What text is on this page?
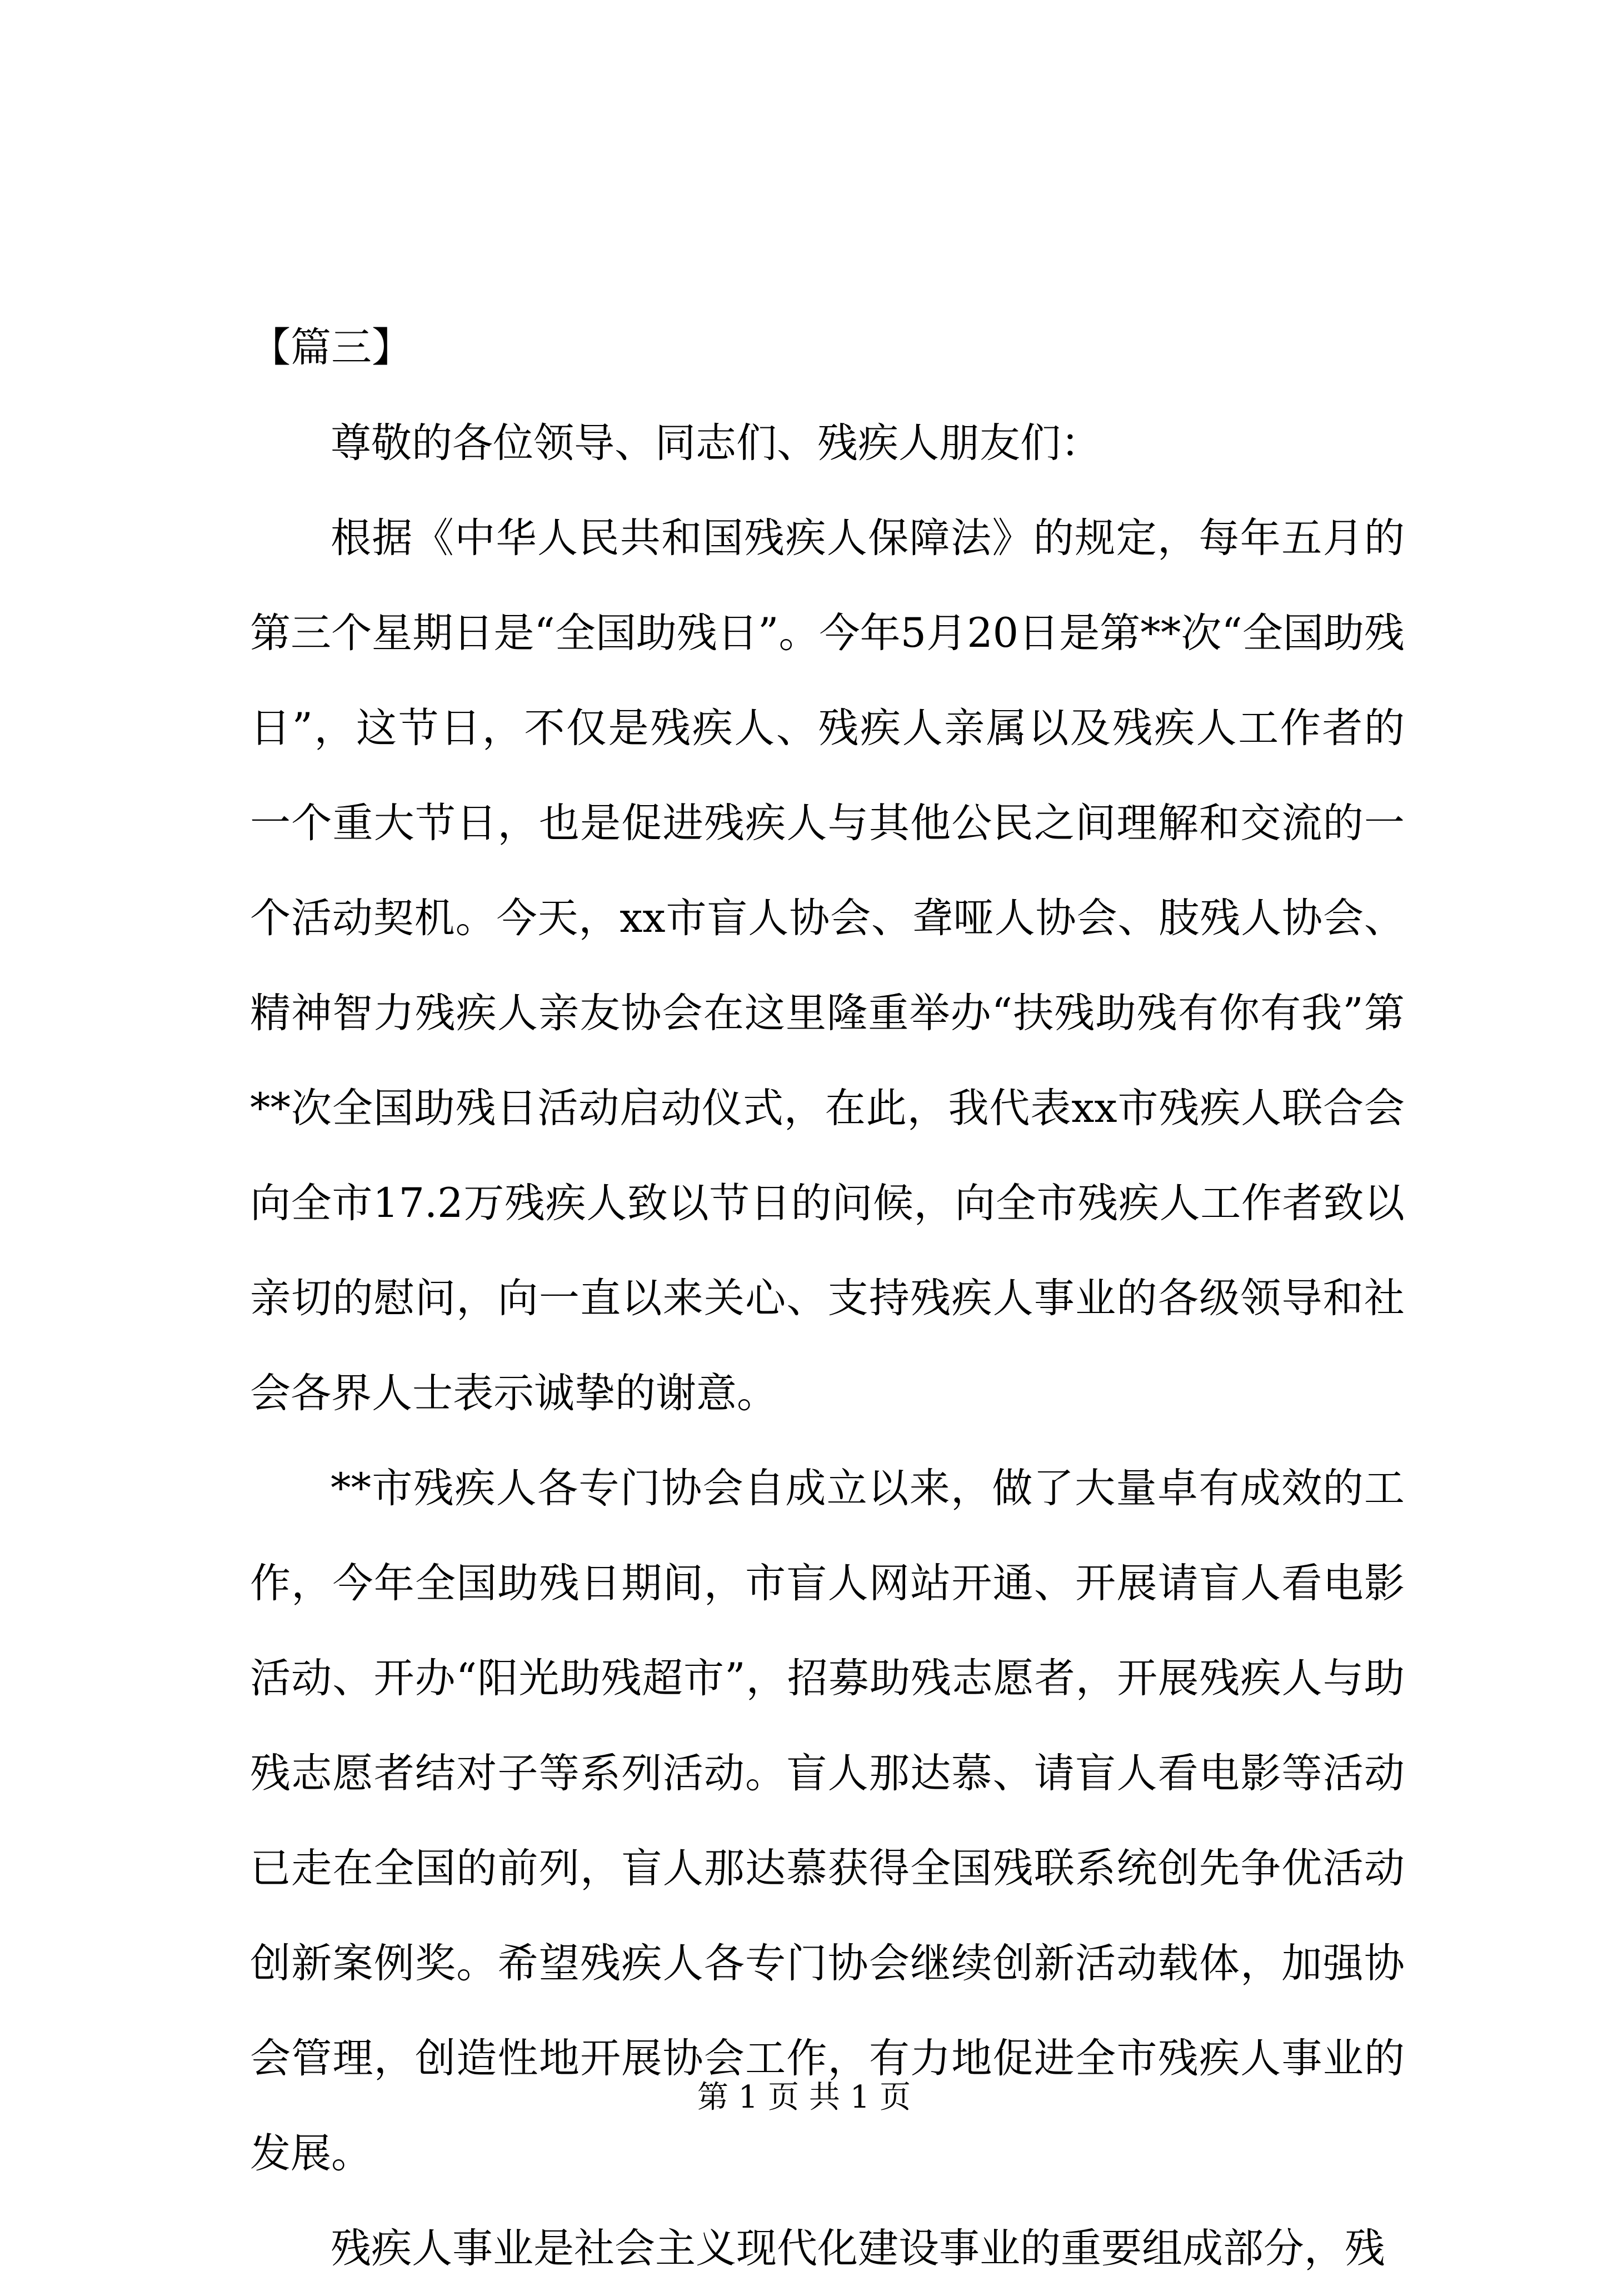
【篇三】

尊敬的各位领导、同志们、残疾人朋友们：

根据《中华人民共和国残疾人保障法》的规定，每年五月的第三个星期日是“全国助残日”。今年5月20日是第**次“全国助残日”，这节日，不仅是残疾人、残疾人亲属以及残疾人工作者的一个重大节日，也是促进残疾人与其他公民之间理解和交流的一个活动契机。今天，xx市盲人协会、聋哑人协会、肢残人协会、精神智力残疾人亲友协会在这里隆重举办“扶残助残有你有我”第**次全国助残日活动启动仪式，在此，我代表xx市残疾人联合会向全市17.2万残疾人致以节日的问候，向全市残疾人工作者致以亲切的慰问，向一直以来关心、支持残疾人事业的各级领导和社会各界人士表示诚挚的谢意。

**市残疾人各专门协会自成立以来，做了大量卓有成效的工作，今年全国助残日期间，市盲人网站开通、开展请盲人看电影活动、开办“阳光助残超市”，招募助残志愿者，开展残疾人与助残志愿者结对子等系列活动。盲人那达慕、请盲人看电影等活动已走在全国的前列，盲人那达慕获得全国残联系统创先争优活动创新案例奖。希望残疾人各专门协会继续创新活动载体，加强协会管理，创造性地开展协会工作，有力地促进全市残疾人事业的发展。

残疾人事业是社会主义现代化建设事业的重要组成部分，残

第 1 页 共 1 页
